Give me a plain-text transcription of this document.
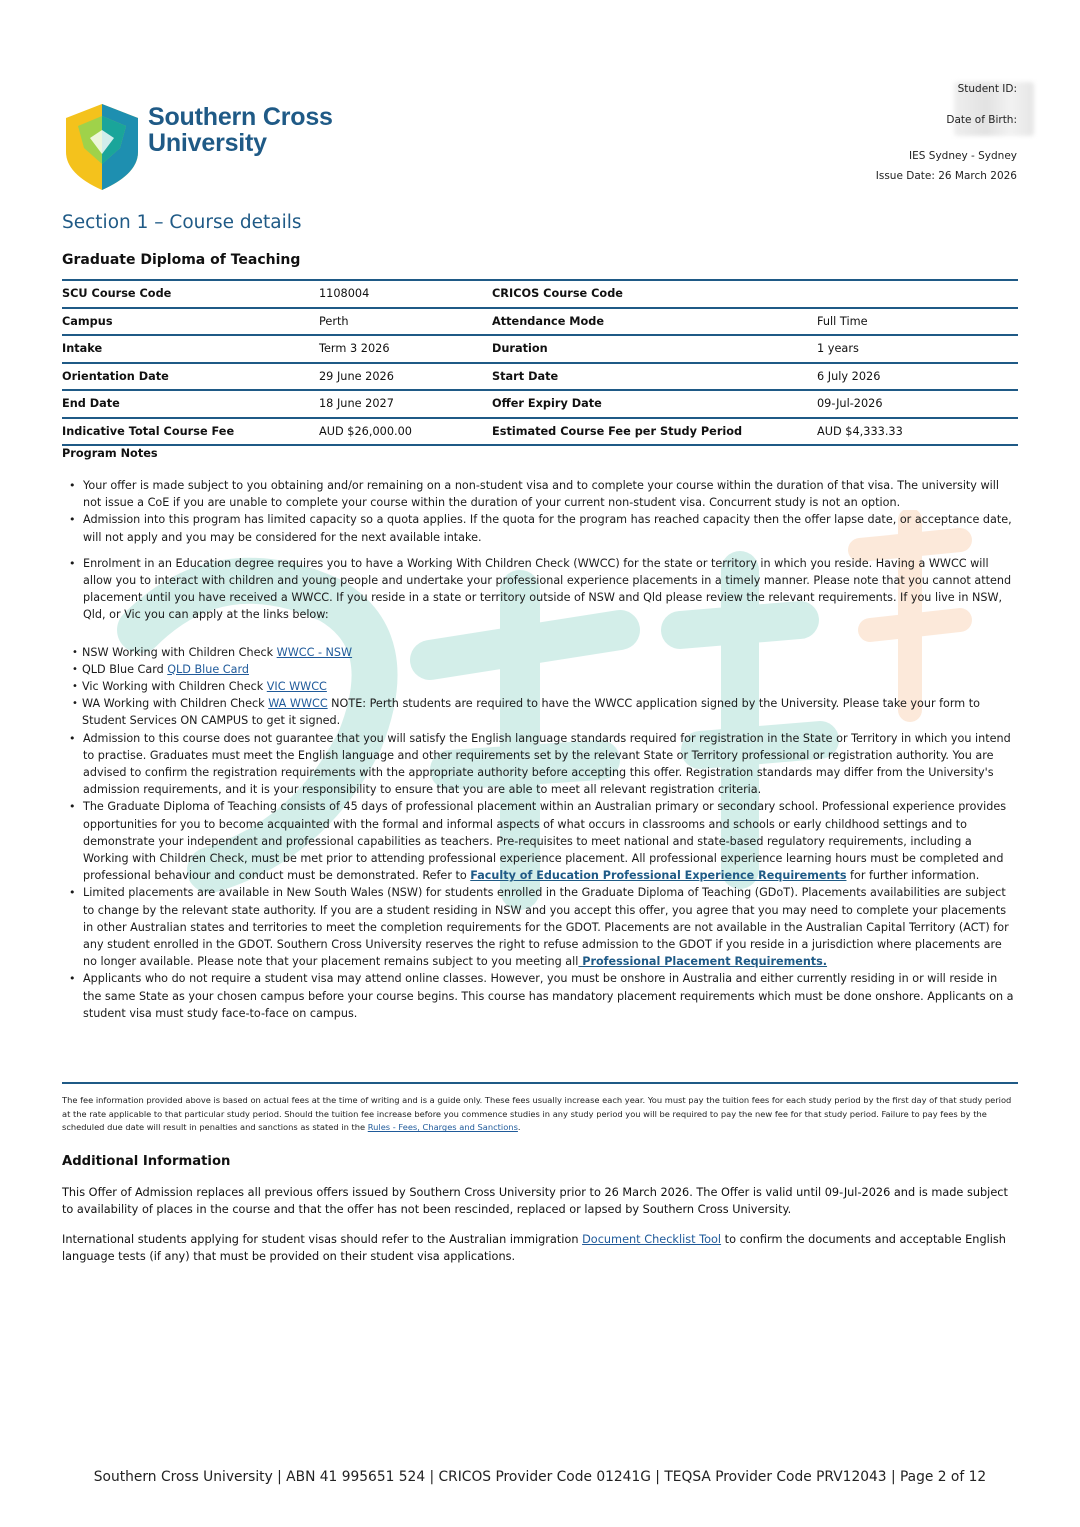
Southern Cross
University
Student ID:
Date of Birth:
IES Sydney - Sydney
Issue Date: 26 March 2026
Section 1 – Course details
Graduate Diploma of Teaching
SCU Course Code	1108004	CRICOS Course Code
Campus	Perth	Attendance Mode	Full Time
Intake	Term 3 2026	Duration	1 years
Orientation Date	29 June 2026	Start Date	6 July 2026
End Date	18 June 2027	Offer Expiry Date	09-Jul-2026
Indicative Total Course Fee	AUD $26,000.00	Estimated Course Fee per Study Period	AUD $4,333.33
Program Notes
• Your offer is made subject to you obtaining and/or remaining on a non-student visa and to complete your course within the duration of that visa. The university will not issue a CoE if you are unable to complete your course within the duration of your current non-student visa. Concurrent study is not an option.
• Admission into this program has limited capacity so a quota applies. If the quota for the program has reached capacity then the offer lapse date, or acceptance date, will not apply and you may be considered for the next available intake.
• Enrolment in an Education degree requires you to have a Working With Children Check (WWCC) for the state or territory in which you reside. Having a WWCC will allow you to interact with children and young people and undertake your professional experience placements in a timely manner. Please note that you cannot attend placement until you have received a WWCC. If you reside in a state or territory outside of NSW and Qld please review the relevant requirements. If you live in NSW, Qld, or Vic you can apply at the links below:
• NSW Working with Children Check WWCC - NSW
• QLD Blue Card QLD Blue Card
• Vic Working with Children Check VIC WWCC
• WA Working with Children Check WA WWCC NOTE: Perth students are required to have the WWCC application signed by the University. Please take your form to Student Services ON CAMPUS to get it signed.
• Admission to this course does not guarantee that you will satisfy the English language standards required for registration in the State or Territory in which you intend to practise. Graduates must meet the English language and other requirements set by the relevant State or Territory professional or registration authority. You are advised to confirm the registration requirements with the appropriate authority before accepting this offer. Registration standards may differ from the University's admission requirements, and it is your responsibility to ensure that you are able to meet all relevant registration criteria.
• The Graduate Diploma of Teaching consists of 45 days of professional placement within an Australian primary or secondary school. Professional experience provides opportunities for you to become acquainted with the formal and informal aspects of what occurs in classrooms and schools or early childhood settings and to demonstrate your independent and professional capabilities as teachers. Pre-requisites to meet national and state-based regulatory requirements, including a Working with Children Check, must be met prior to attending professional experience placement. All professional experience learning hours must be completed and professional behaviour and conduct must be demonstrated. Refer to Faculty of Education Professional Experience Requirements for further information.
• Limited placements are available in New South Wales (NSW) for students enrolled in the Graduate Diploma of Teaching (GDoT). Placements availabilities are subject to change by the relevant state authority. If you are a student residing in NSW and you accept this offer, you agree that you may need to complete your placements in other Australian states and territories to meet the completion requirements for the GDOT. Placements are not available in the Australian Capital Territory (ACT) for any student enrolled in the GDOT. Southern Cross University reserves the right to refuse admission to the GDOT if you reside in a jurisdiction where placements are no longer available. Please note that your placement remains subject to you meeting all Professional Placement Requirements.
• Applicants who do not require a student visa may attend online classes. However, you must be onshore in Australia and either currently residing in or will reside in the same State as your chosen campus before your course begins. This course has mandatory placement requirements which must be done onshore. Applicants on a student visa must study face-to-face on campus.
The fee information provided above is based on actual fees at the time of writing and is a guide only. These fees usually increase each year. You must pay the tuition fees for each study period by the first day of that study period at the rate applicable to that particular study period. Should the tuition fee increase before you commence studies in any study period you will be required to pay the new fee for that study period. Failure to pay fees by the scheduled due date will result in penalties and sanctions as stated in the Rules - Fees, Charges and Sanctions.
Additional Information
This Offer of Admission replaces all previous offers issued by Southern Cross University prior to 26 March 2026. The Offer is valid until 09-Jul-2026 and is made subject to availability of places in the course and that the offer has not been rescinded, replaced or lapsed by Southern Cross University.
International students applying for student visas should refer to the Australian immigration Document Checklist Tool to confirm the documents and acceptable English language tests (if any) that must be provided on their student visa applications.
Southern Cross University | ABN 41 995651 524 | CRICOS Provider Code 01241G | TEQSA Provider Code PRV12043 | Page 2 of 12
